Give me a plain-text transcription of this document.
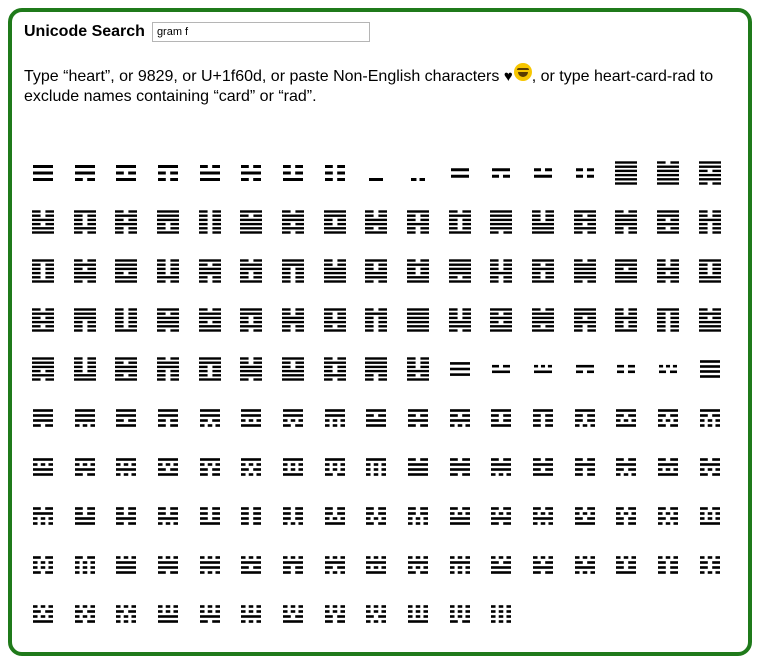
Unicode Search
gram f
Type “heart”, or 9829, or U+1f60d, or paste Non-English characters ♥ , or type heart-card-rad to exclude names containing “card” or “rad”.
